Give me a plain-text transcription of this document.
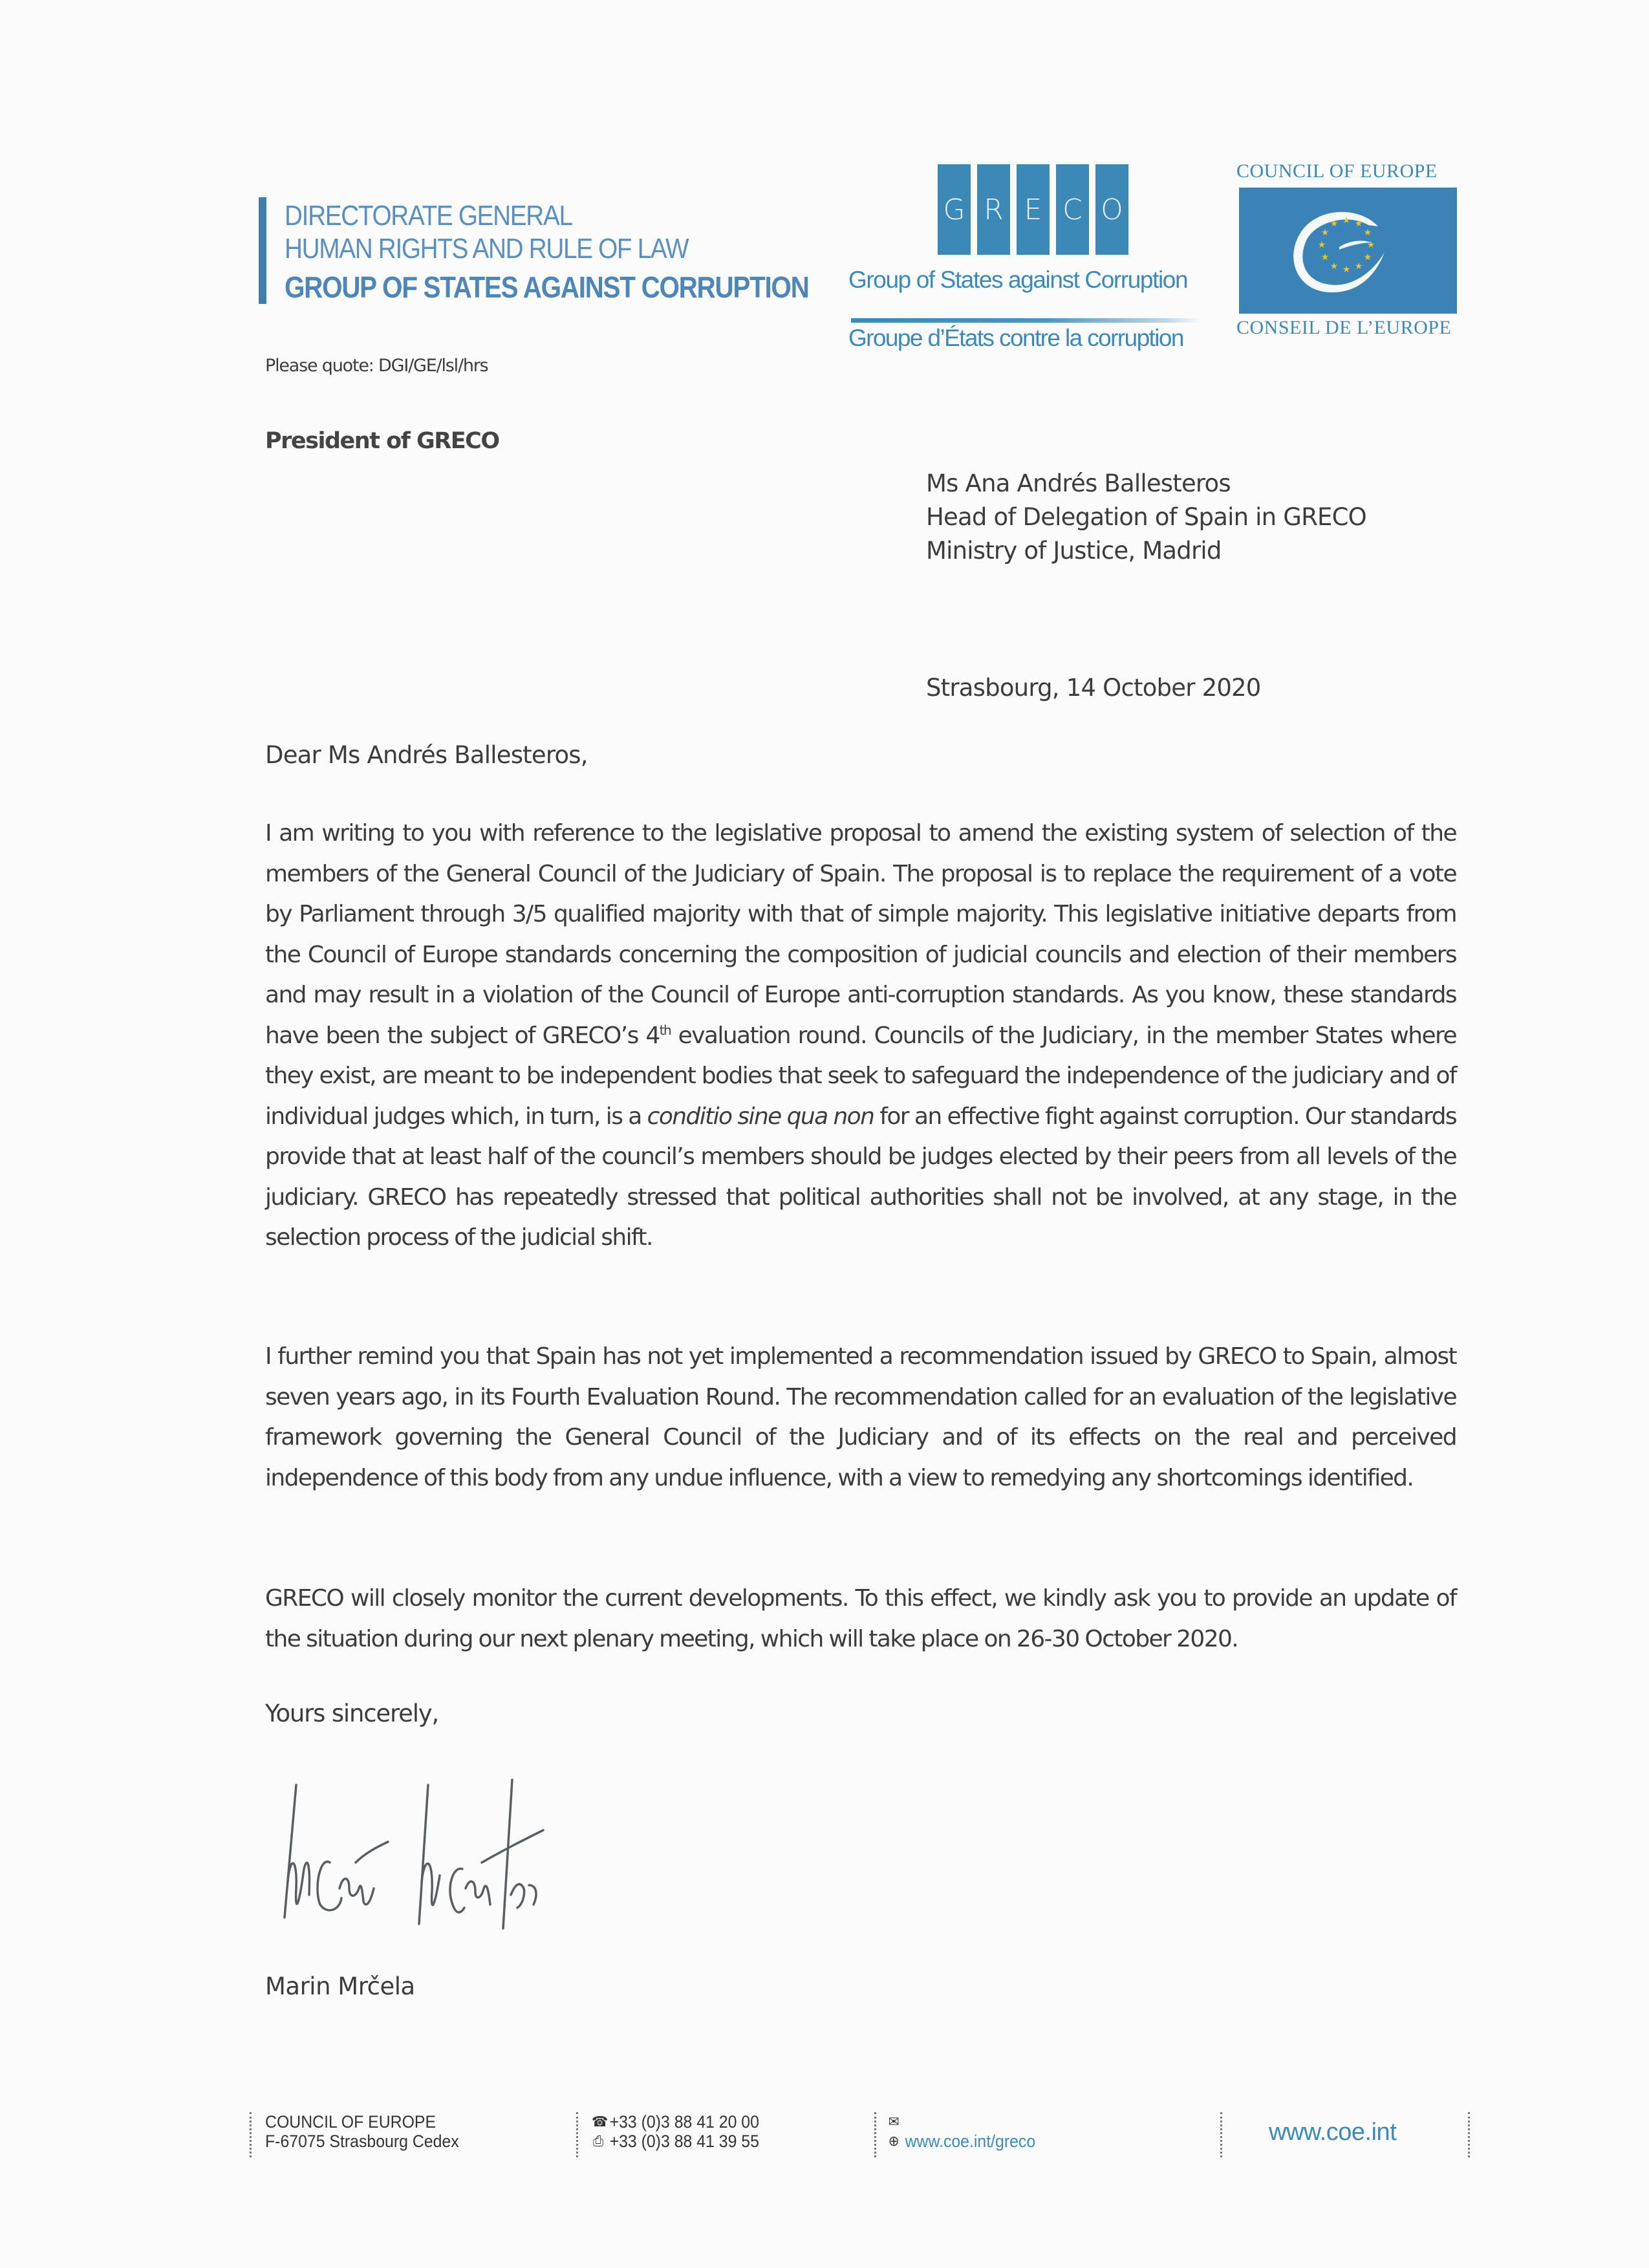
DIRECTORATE GENERAL
HUMAN RIGHTS AND RULE OF LAW
GROUP OF STATES AGAINST CORRUPTION
G R E C O
Group of States against Corruption
Groupe d’États contre la corruption
COUNCIL OF EUROPE
★ ★
★
★
★
★
★
★
★
★
★
★
CONSEIL DE L’EUROPE
Please quote: DGI/GE/lsl/hrs
President of GRECO
Ms Ana Andrés Ballesteros
Head of Delegation of Spain in GRECO
Ministry of Justice, Madrid
Strasbourg, 14 October 2020
Dear Ms Andrés Ballesteros,
I am writing to you with reference to the legislative proposal to amend the existing system of selection of the members of the General Council of the Judiciary of Spain. The proposal is to replace the requirement of a vote by Parliament through 3/5 qualified majority with that of simple majority. This legislative initiative departs from the Council of Europe standards concerning the composition of judicial councils and election of their members and may result in a violation of the Council of Europe anti-corruption standards. As you know, these standards have been the subject of GRECO’s 4th evaluation round. Councils of the Judiciary, in the member States where they exist, are meant to be independent bodies that seek to safeguard the independence of the judiciary and of individual judges which, in turn, is a conditio sine qua non for an effective fight against corruption. Our standards provide that at least half of the council’s members should be judges elected by their peers from all levels of the judiciary. GRECO has repeatedly stressed that political authorities shall not be involved, at any stage, in the selection process of the judicial shift.
I further remind you that Spain has not yet implemented a recommendation issued by GRECO to Spain, almost seven years ago, in its Fourth Evaluation Round. The recommendation called for an evaluation of the legislative framework governing the General Council of the Judiciary and of its effects on the real and perceived independence of this body from any undue influence, with a view to remedying any shortcomings identified.
GRECO will closely monitor the current developments. To this effect, we kindly ask you to provide an update of the situation during our next plenary meeting, which will take place on 26-30 October 2020.
Yours sincerely,
Marin Mrčela
COUNCIL OF EUROPE
F-67075 Strasbourg Cedex
☎ +33 (0)3 88 41 20 00
⎙ +33 (0)3 88 41 39 55
✉
⊕ www.coe.int/greco	www.coe.int
